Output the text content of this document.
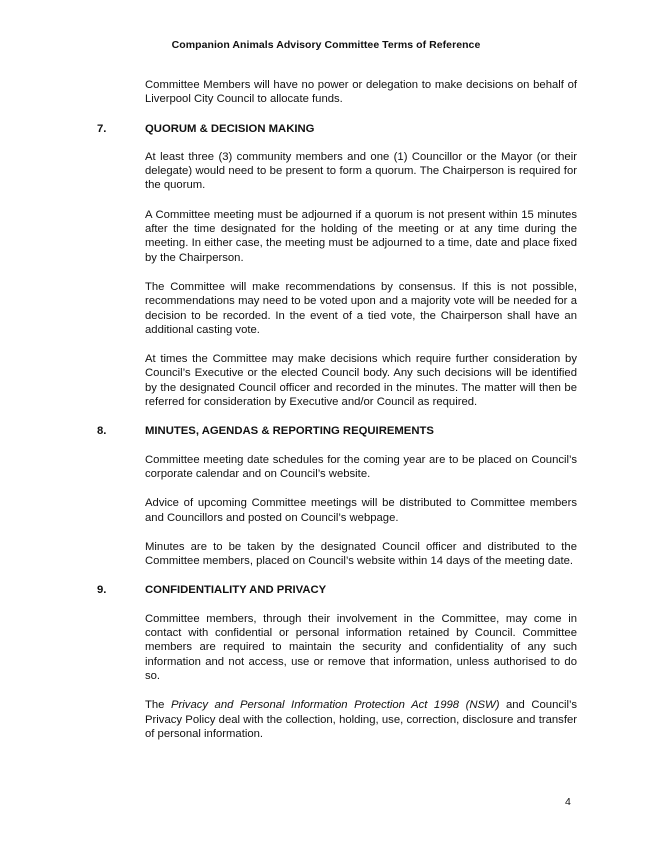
Companion Animals Advisory Committee Terms of Reference

Committee Members will have no power or delegation to make decisions on behalf of Liverpool City Council to allocate funds.

7.	QUORUM & DECISION MAKING

At least three (3) community members and one (1) Councillor or the Mayor (or their delegate) would need to be present to form a quorum. The Chairperson is required for the quorum.

A Committee meeting must be adjourned if a quorum is not present within 15 minutes after the time designated for the holding of the meeting or at any time during the meeting. In either case, the meeting must be adjourned to a time, date and place fixed by the Chairperson.

The Committee will make recommendations by consensus. If this is not possible, recommendations may need to be voted upon and a majority vote will be needed for a decision to be recorded. In the event of a tied vote, the Chairperson shall have an additional casting vote.

At times the Committee may make decisions which require further consideration by Council’s Executive or the elected Council body. Any such decisions will be identified by the designated Council officer and recorded in the minutes. The matter will then be referred for consideration by Executive and/or Council as required.

8.	MINUTES, AGENDAS & REPORTING REQUIREMENTS

Committee meeting date schedules for the coming year are to be placed on Council’s corporate calendar and on Council’s website.

Advice of upcoming Committee meetings will be distributed to Committee members and Councillors and posted on Council’s webpage.

Minutes are to be taken by the designated Council officer and distributed to the Committee members, placed on Council’s website within 14 days of the meeting date.

9.	CONFIDENTIALITY AND PRIVACY

Committee members, through their involvement in the Committee, may come in contact with confidential or personal information retained by Council. Committee members are required to maintain the security and confidentiality of any such information and not access, use or remove that information, unless authorised to do so.

The Privacy and Personal Information Protection Act 1998 (NSW) and Council’s Privacy Policy deal with the collection, holding, use, correction, disclosure and transfer of personal information.

4
